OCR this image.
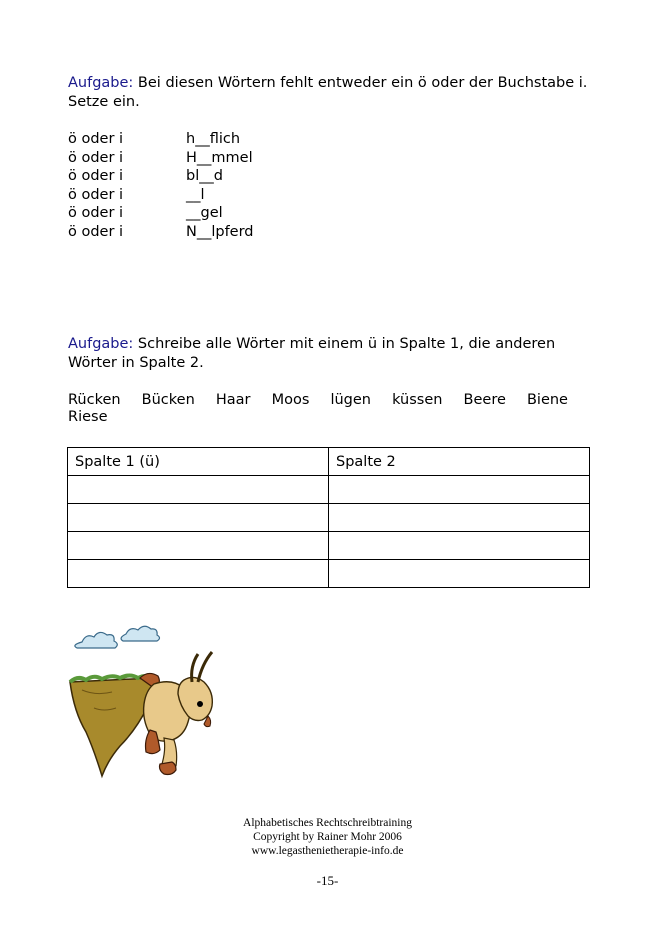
Aufgabe: Bei diesen Wörtern fehlt entweder ein ö oder der Buchstabe i.
Setze ein.
ö oder i	h__flich
ö oder i	H__mmel
ö oder i	bl__d
ö oder i	__l
ö oder i	__gel
ö oder i	N__lpferd
Aufgabe: Schreibe alle Wörter mit einem ü in Spalte 1, die anderen
Wörter in Spalte 2.
Rücken Bücken Haar Moos lügen küssen Beere Biene
Riese
Spalte 1 (ü)	Spalte 2

Alphabetisches Rechtschreibtraining
Copyright by Rainer Mohr 2006
www.legasthenietherapie-info.de
-15-
